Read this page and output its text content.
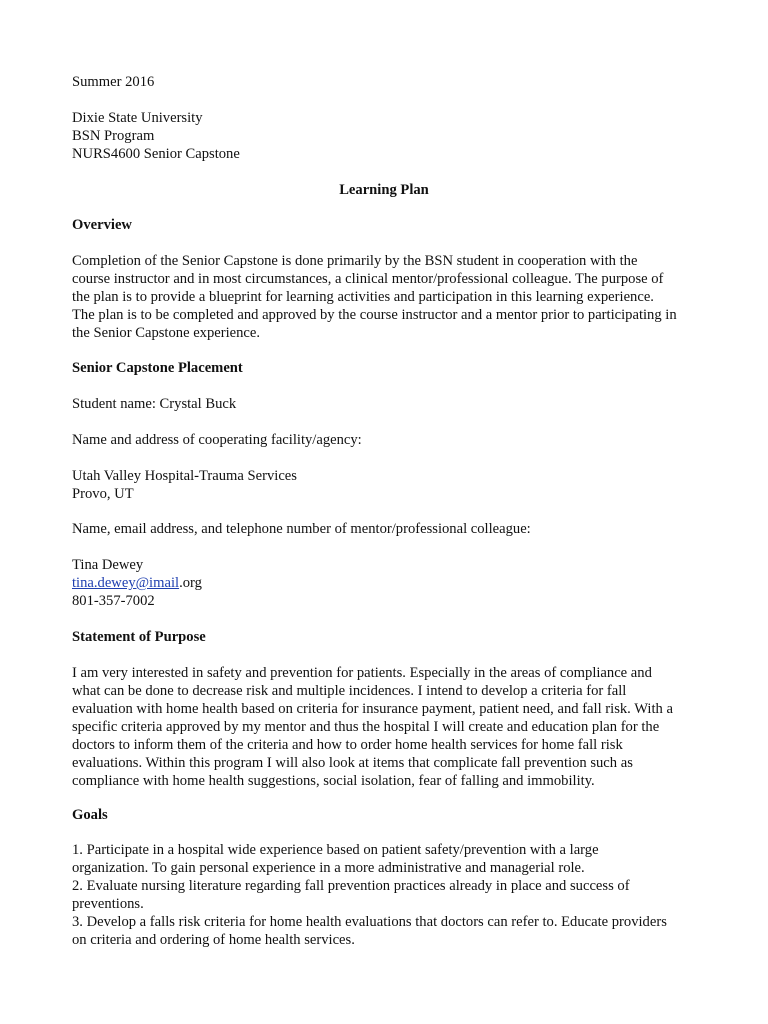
Summer 2016
Dixie State University
BSN Program
NURS4600 Senior Capstone
Learning Plan
Overview
Completion of the Senior Capstone is done primarily by the BSN student in cooperation with the
course instructor and in most circumstances, a clinical mentor/professional colleague. The purpose of
the plan is to provide a blueprint for learning activities and participation in this learning experience.
The plan is to be completed and approved by the course instructor and a mentor prior to participating in
the Senior Capstone experience.
Senior Capstone Placement
Student name: Crystal Buck
Name and address of cooperating facility/agency:
Utah Valley Hospital-Trauma Services
Provo, UT
Name, email address, and telephone number of mentor/professional colleague:
Tina Dewey
tina.dewey@imail.org
801-357-7002
Statement of Purpose
I am very interested in safety and prevention for patients. Especially in the areas of compliance and
what can be done to decrease risk and multiple incidences. I intend to develop a criteria for fall
evaluation with home health based on criteria for insurance payment, patient need, and fall risk. With a
specific criteria approved by my mentor and thus the hospital I will create and education plan for the
doctors to inform them of the criteria and how to order home health services for home fall risk
evaluations. Within this program I will also look at items that complicate fall prevention such as
compliance with home health suggestions, social isolation, fear of falling and immobility.
Goals
1. Participate in a hospital wide experience based on patient safety/prevention with a large
organization. To gain personal experience in a more administrative and managerial role.
2. Evaluate nursing literature regarding fall prevention practices already in place and success of
preventions.
3. Develop a falls risk criteria for home health evaluations that doctors can refer to. Educate providers
on criteria and ordering of home health services.
